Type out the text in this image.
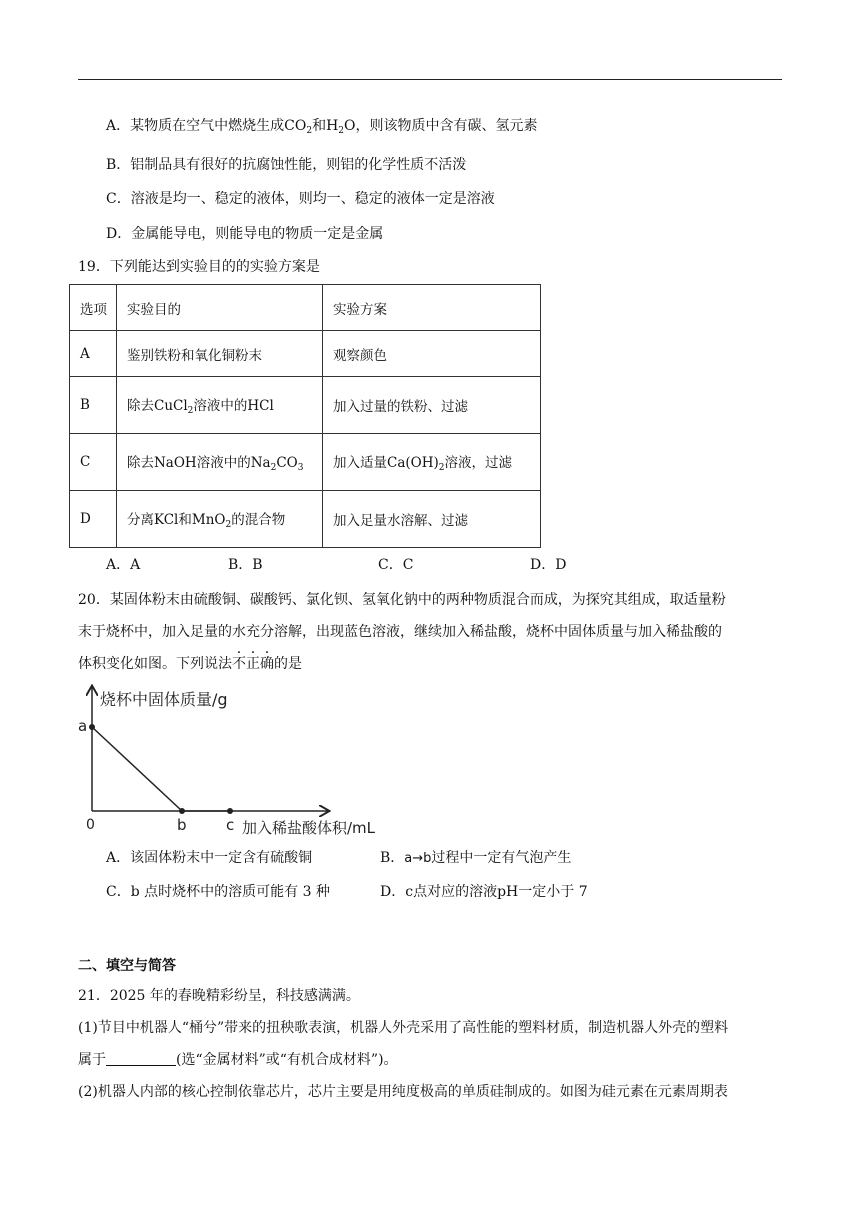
A．某物质在空气中燃烧生成$CO_2$和$H_2O$，则该物质中含有碳、氢元素
B．铝制品具有很好的抗腐蚀性能，则铝的化学性质不活泼
C．溶液是均一、稳定的液体，则均一、稳定的液体一定是溶液
D．金属能导电，则能导电的物质一定是金属
19．下列能达到实验目的的实验方案是
选项	实验目的	实验方案
A	鉴别铁粉和氧化铜粉末	观察颜色
B	除去CuCl$_2$溶液中的HCl	加入过量的铁粉、过滤
C	除去NaOH溶液中的$Na_2CO_3$	加入适量$Ca(OH)_2$溶液，过滤
D	分离KCl和MnO$_2$的混合物	加入足量水溶解、过滤
A．A	B．B	C．C	D．D
20．某固体粉末由硫酸铜、碳酸钙、氯化钡、氢氧化钠中的两种物质混合而成，为探究其组成，取适量粉
末于烧杯中，加入足量的水充分溶解，出现蓝色溶液，继续加入稀盐酸，烧杯中固体质量与加入稀盐酸的
体积变化如图。下列说法不正确的是
烧杯中固体质量/g
加入稀盐酸体积/mL
0
a
b	c
A．该固体粉末中一定含有硫酸铜	B．a→b过程中一定有气泡产生
C．b 点时烧杯中的溶质可能有 3 种	D．c点对应的溶液pH一定小于 7
二、填空与简答
21．2025 年的春晚精彩纷呈，科技感满满。
(1)节目中机器人“桶兮”带来的扭秧歌表演，机器人外壳采用了高性能的塑料材质，制造机器人外壳的塑料
属于	(选“金属材料”或“有机合成材料”)。
(2)机器人内部的核心控制依靠芯片，芯片主要是用纯度极高的单质硅制成的。如图为硅元素在元素周期表
